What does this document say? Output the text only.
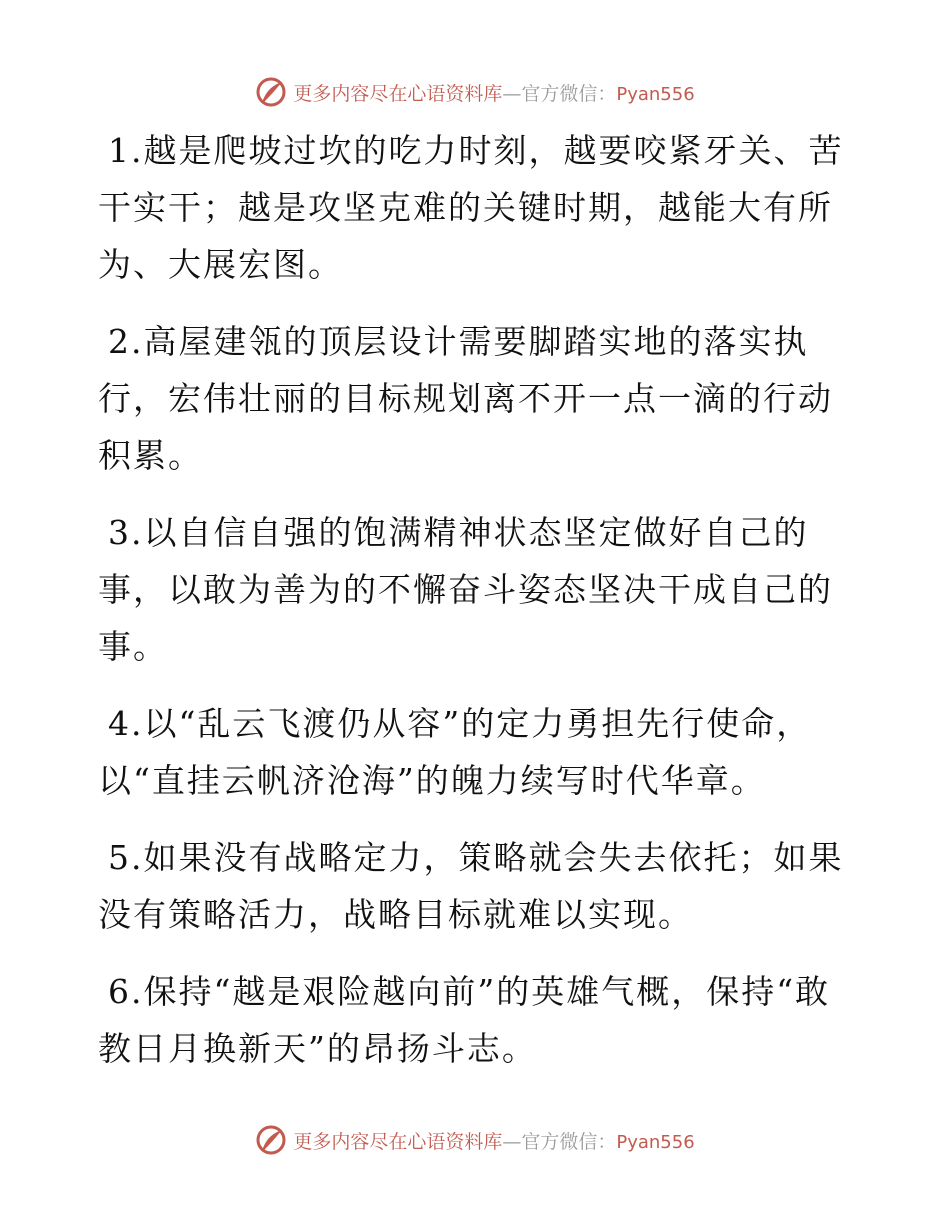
更多内容尽在心语资料库—官方微信：Pyan556

1.越是爬坡过坎的吃力时刻，越要咬紧牙关、苦干实干；越是攻坚克难的关键时期，越能大有所为、大展宏图。

2.高屋建瓴的顶层设计需要脚踏实地的落实执行，宏伟壮丽的目标规划离不开一点一滴的行动积累。

3.以自信自强的饱满精神状态坚定做好自己的事，以敢为善为的不懈奋斗姿态坚决干成自己的事。

4.以“乱云飞渡仍从容”的定力勇担先行使命，以“直挂云帆济沧海”的魄力续写时代华章。

5.如果没有战略定力，策略就会失去依托；如果没有策略活力，战略目标就难以实现。

6.保持“越是艰险越向前”的英雄气概，保持“敢教日月换新天”的昂扬斗志。

更多内容尽在心语资料库—官方微信：Pyan556
